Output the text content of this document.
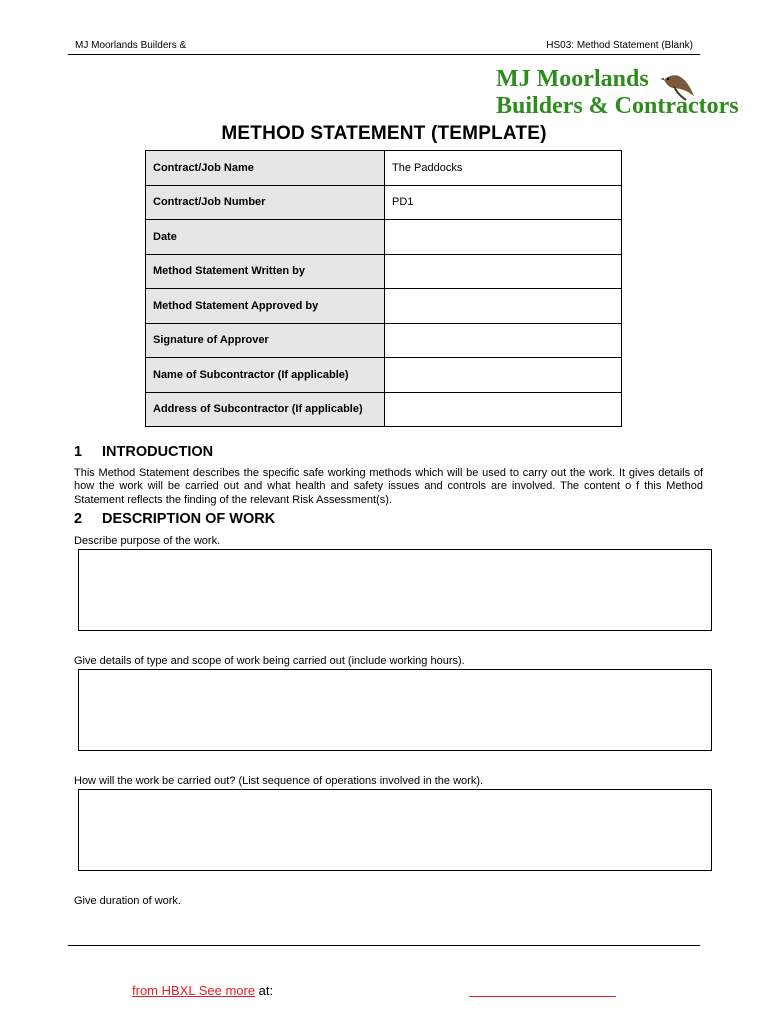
MJ Moorlands Builders &	HS03: Method Statement (Blank)
MJ Moorlands
Builders & Contractors
METHOD STATEMENT (TEMPLATE)
Contract/Job Name	The Paddocks
Contract/Job Number	PD1
Date	
Method Statement Written by	
Method Statement Approved by	
Signature of Approver	
Name of Subcontractor (If applicable)	
Address of Subcontractor (If applicable)	
1 INTRODUCTION
This Method Statement describes the specific safe working methods which will be used to carry out the work. It gives details of how the work will be carried out and what health and safety issues and controls are involved. The content o f this Method Statement reflects the finding of the relevant Risk Assessment(s).
2 DESCRIPTION OF WORK
Describe purpose of the work.
Give details of type and scope of work being carried out (include working hours).
How will the work be carried out? (List sequence of operations involved in the work).
Give duration of work.
from HBXL See more at:
